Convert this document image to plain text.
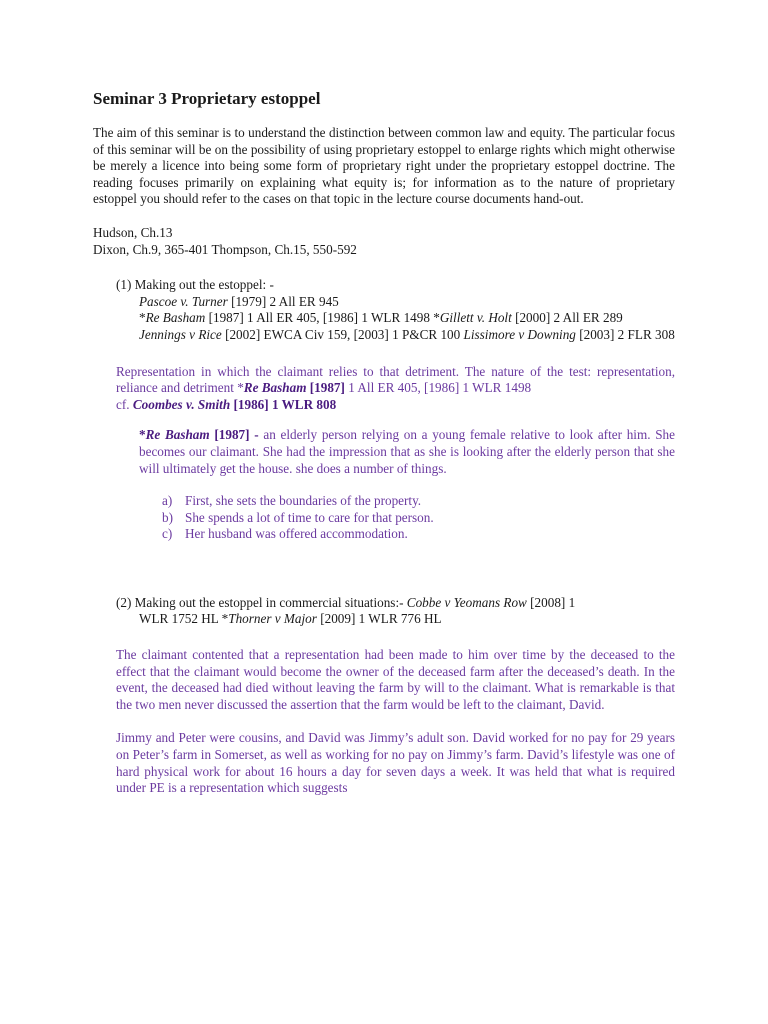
Seminar 3 Proprietary estoppel

The aim of this seminar is to understand the distinction between common law and equity. The particular focus of this seminar will be on the possibility of using proprietary estoppel to enlarge rights which might otherwise be merely a licence into being some form of proprietary right under the proprietary estoppel doctrine. The reading focuses primarily on explaining what equity is; for information as to the nature of proprietary estoppel you should refer to the cases on that topic in the lecture course documents hand-out.

Hudson, Ch.13
Dixon, Ch.9, 365-401 Thompson, Ch.15, 550-592
(1) Making out the estoppel: -
Pascoe v. Turner [1979] 2 All ER 945
*Re Basham [1987] 1 All ER 405, [1986] 1 WLR 1498 *Gillett v. Holt [2000] 2 All ER 289
Jennings v Rice [2002] EWCA Civ 159, [2003] 1 P&CR 100 Lissimore v Downing [2003] 2 FLR 308

Representation in which the claimant relies to that detriment. The nature of the test: representation, reliance and detriment *Re Basham [1987] 1 All ER 405, [1986] 1 WLR 1498

cf. Coombes v. Smith [1986] 1 WLR 808

*Re Basham [1987] - an elderly person relying on a young female relative to look after him. She becomes our claimant. She had the impression that as she is looking after the elderly person that she will ultimately get the house. she does a number of things.

a) First, she sets the boundaries of the property.
b) She spends a lot of time to care for that person.
c) Her husband was offered accommodation.
(2) Making out the estoppel in commercial situations:- Cobbe v Yeomans Row [2008] 1
WLR 1752 HL *Thorner v Major [2009] 1 WLR 776 HL

The claimant contented that a representation had been made to him over time by the deceased to the effect that the claimant would become the owner of the deceased farm after the deceased’s death. In the event, the deceased had died without leaving the farm by will to the claimant. What is remarkable is that the two men never discussed the assertion that the farm would be left to the claimant, David.

Jimmy and Peter were cousins, and David was Jimmy’s adult son. David worked for no pay for 29 years on Peter’s farm in Somerset, as well as working for no pay on Jimmy’s farm. David’s lifestyle was one of hard physical work for about 16 hours a day for seven days a week. It was held that what is required under PE is a representation which suggests
